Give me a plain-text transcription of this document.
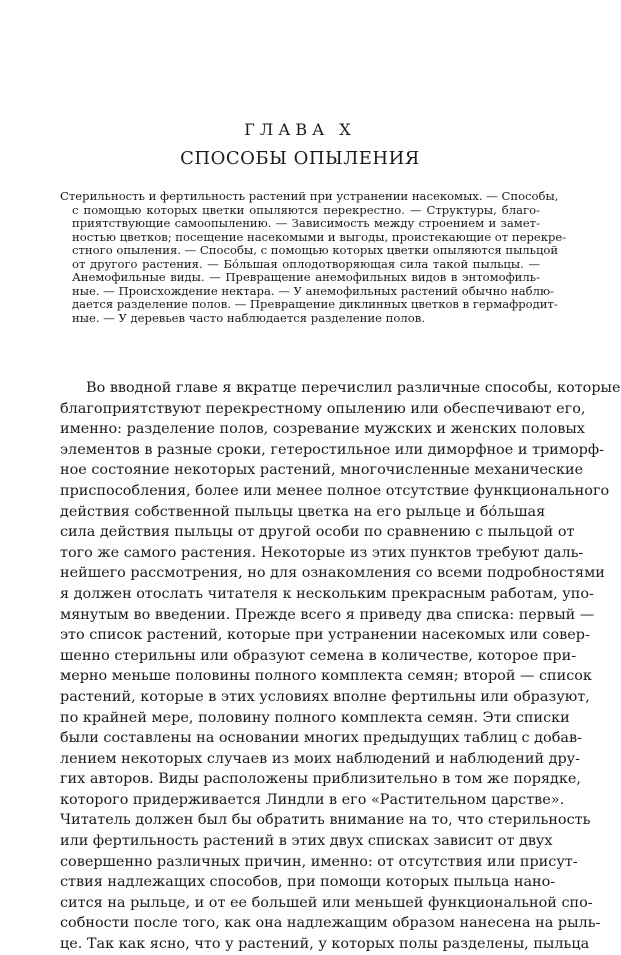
ГЛАВА X
СПОСОБЫ ОПЫЛЕНИЯ
Стерильность и фертильность растений при устранении насекомых. — Способы,
с помощью которых цветки опыляются перекрестно. — Структуры, благо-
приятствующие самоопылению. — Зависимость между строением и замет-
ностью цветков; посещение насекомыми и выгоды, проистекающие от перекре-
стного опыления. — Способы, с помощью которых цветки опыляются пыльцой
от другого растения. — Бо́льшая оплодотворяющая сила такой пыльцы. —
Анемофильные виды. — Превращение анемофильных видов в энтомофиль-
ные. — Происхождение нектара. — У анемофильных растений обычно наблю-
дается разделение полов. — Превращение диклинных цветков в гермафродит-
ные. — У деревьев часто наблюдается разделение полов.
Во вводной главе я вкратце перечислил различные способы, которые
благоприятствуют перекрестному опылению или обеспечивают его,
именно: разделение полов, созревание мужских и женских половых
элементов в разные сроки, гетеростильное или диморфное и триморф-
ное состояние некоторых растений, многочисленные механические
приспособления, более или менее полное отсутствие функционального
действия собственной пыльцы цветка на его рыльце и бо́льшая
сила действия пыльцы от другой особи по сравнению с пыльцой от
того же самого растения. Некоторые из этих пунктов требуют даль-
нейшего рассмотрения, но для ознакомления со всеми подробностями
я должен отослать читателя к нескольким прекрасным работам, упо-
мянутым во введении. Прежде всего я приведу два списка: первый —
это список растений, которые при устранении насекомых или совер-
шенно стерильны или образуют семена в количестве, которое при-
мерно меньше половины полного комплекта семян; второй — список
растений, которые в этих условиях вполне фертильны или образуют,
по крайней мере, половину полного комплекта семян. Эти списки
были составлены на основании многих предыдущих таблиц с добав-
лением некоторых случаев из моих наблюдений и наблюдений дру-
гих авторов. Виды расположены приблизительно в том же порядке,
которого придерживается Линдли в его «Растительном царстве».
Читатель должен был бы обратить внимание на то, что стерильность
или фертильность растений в этих двух списках зависит от двух
совершенно различных причин, именно: от отсутствия или присут-
ствия надлежащих способов, при помощи которых пыльца нано-
сится на рыльце, и от ее большей или меньшей функциональной спо-
собности после того, как она надлежащим образом нанесена на рыль-
це. Так как ясно, что у растений, у которых полы разделены, пыльца
